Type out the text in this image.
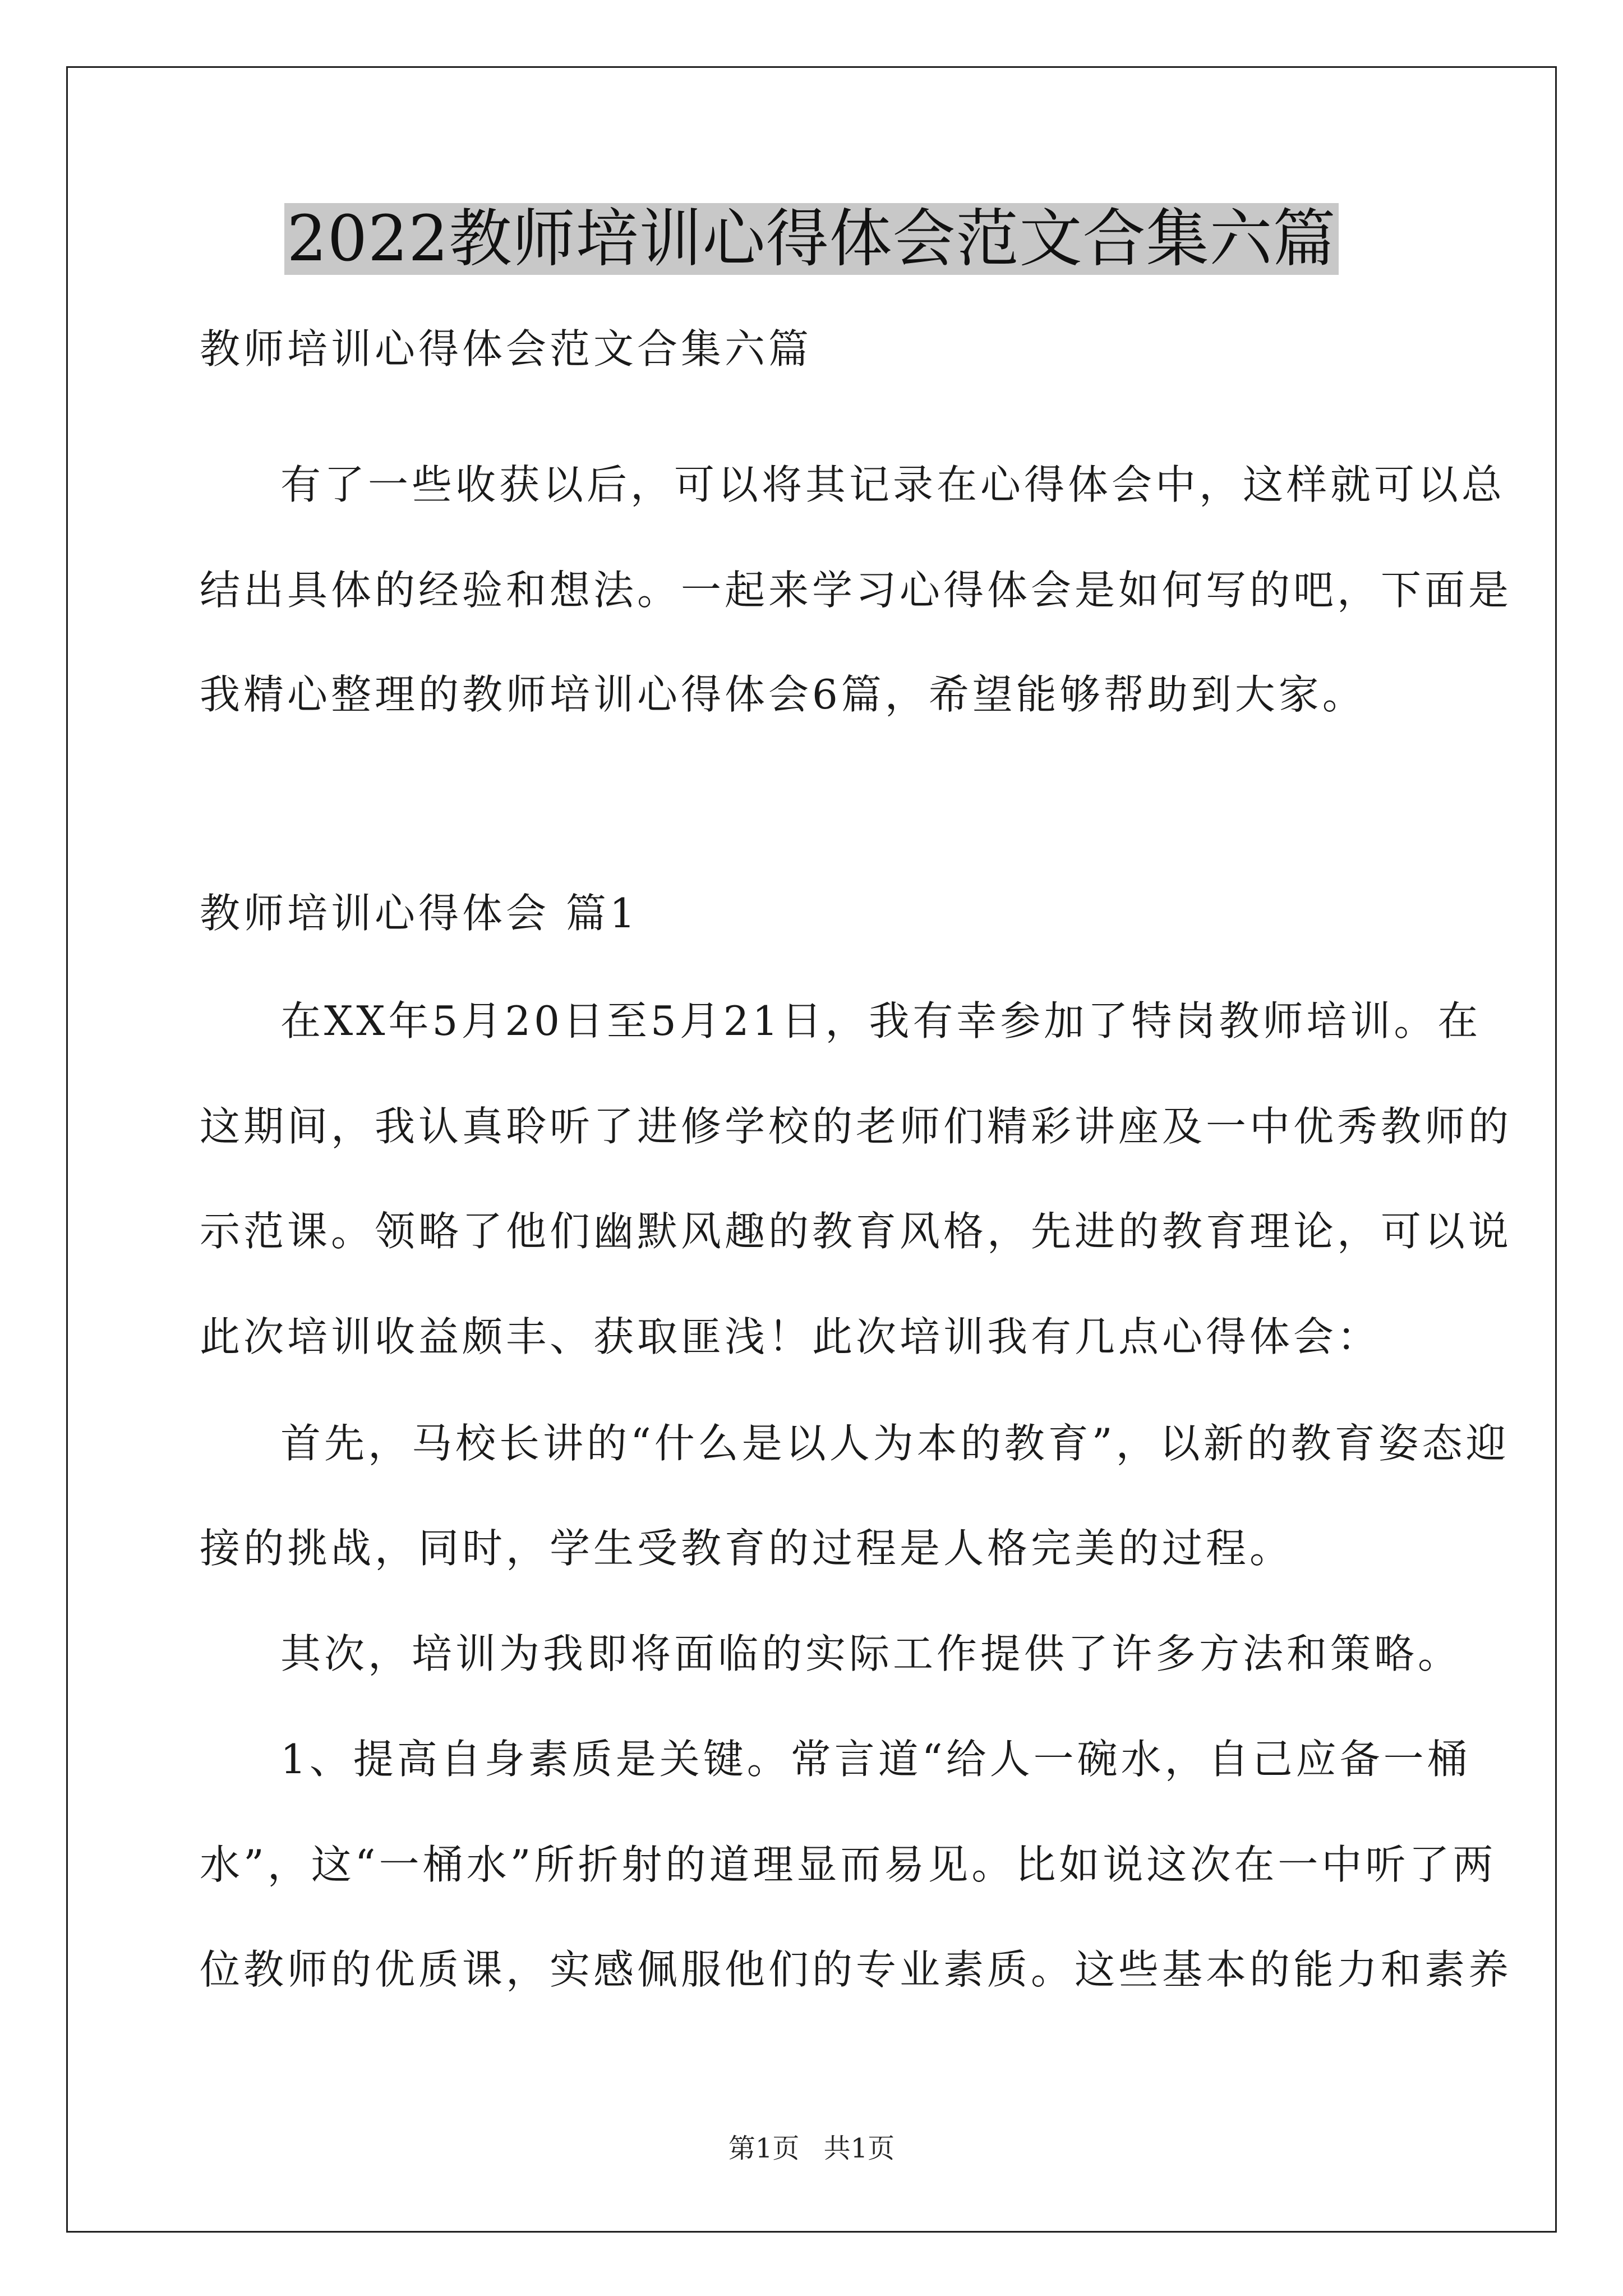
2022教师培训心得体会范文合集六篇
教师培训心得体会范文合集六篇
有了一些收获以后，可以将其记录在心得体会中，这样就可以总
结出具体的经验和想法。一起来学习心得体会是如何写的吧，下面是
我精心整理的教师培训心得体会6篇，希望能够帮助到大家。
教师培训心得体会 篇1
在XX年5月20日至5月21日，我有幸参加了特岗教师培训。在
这期间，我认真聆听了进修学校的老师们精彩讲座及一中优秀教师的
示范课。领略了他们幽默风趣的教育风格，先进的教育理论，可以说
此次培训收益颇丰、获取匪浅！此次培训我有几点心得体会：
首先，马校长讲的“什么是以人为本的教育”，以新的教育姿态迎
接的挑战，同时，学生受教育的过程是人格完美的过程。
其次，培训为我即将面临的实际工作提供了许多方法和策略。
1、提高自身素质是关键。常言道“给人一碗水，自己应备一桶
水”，这“一桶水”所折射的道理显而易见。比如说这次在一中听了两
位教师的优质课，实感佩服他们的专业素质。这些基本的能力和素养
第1页 共1页
